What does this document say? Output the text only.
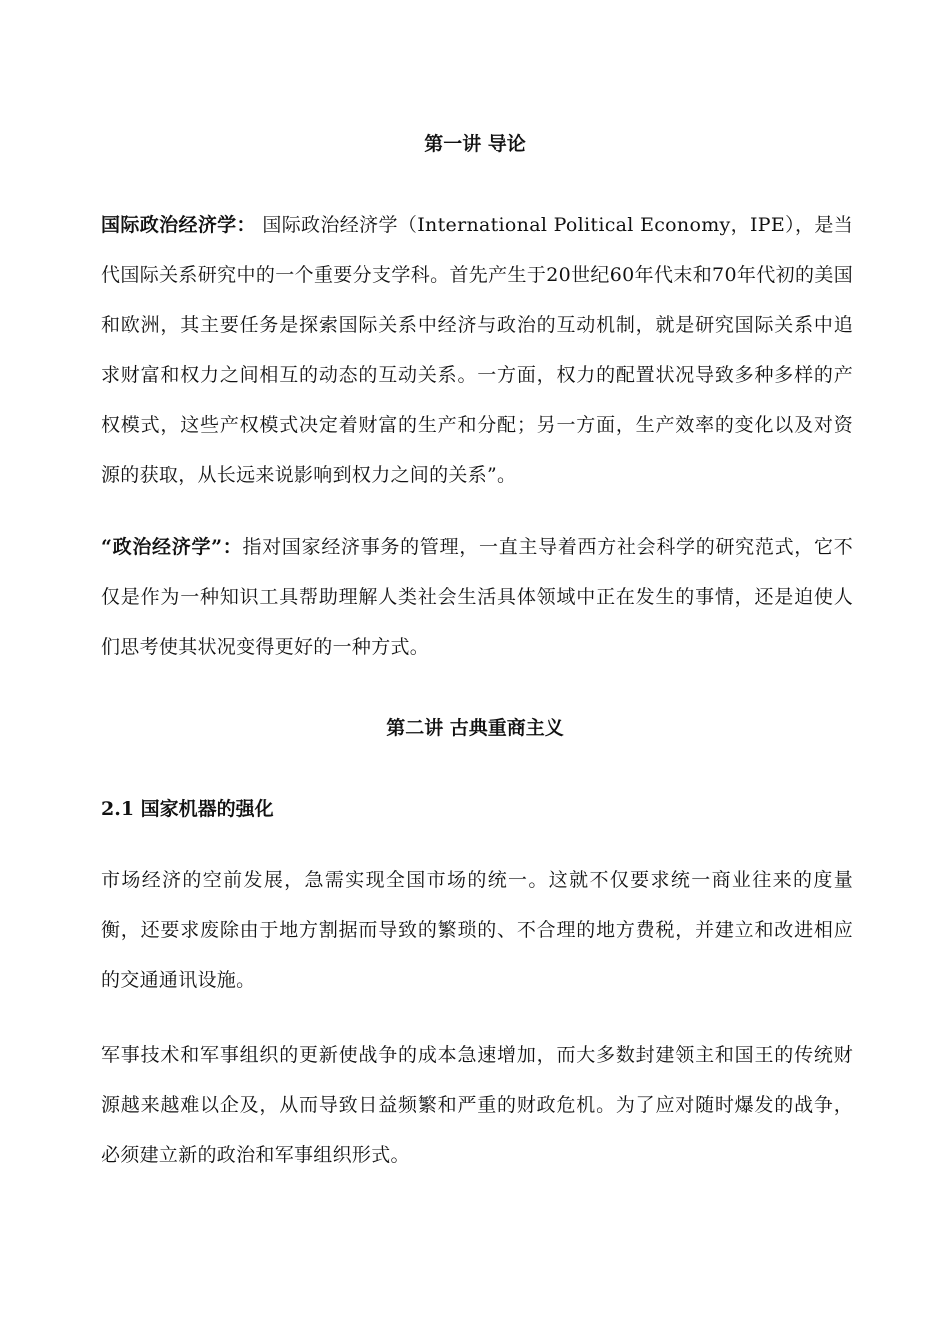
第一讲 导论
国际政治经济学： 国际政治经济学（International Political Economy，IPE），是当代国际关系研究中的一个重要分支学科。首先产生于20世纪60年代末和70年代初的美国和欧洲，其主要任务是探索国际关系中经济与政治的互动机制，就是研究国际关系中追求财富和权力之间相互的动态的互动关系。一方面，权力的配置状况导致多种多样的产权模式，这些产权模式决定着财富的生产和分配；另一方面，生产效率的变化以及对资源的获取，从长远来说影响到权力之间的关系”。
“政治经济学”：指对国家经济事务的管理，一直主导着西方社会科学的研究范式，它不仅是作为一种知识工具帮助理解人类社会生活具体领域中正在发生的事情，还是迫使人们思考使其状况变得更好的一种方式。
第二讲 古典重商主义
2.1 国家机器的强化
市场经济的空前发展，急需实现全国市场的统一。这就不仅要求统一商业往来的度量衡，还要求废除由于地方割据而导致的繁琐的、不合理的地方费税，并建立和改进相应的交通通讯设施。
军事技术和军事组织的更新使战争的成本急速增加，而大多数封建领主和国王的传统财源越来越难以企及，从而导致日益频繁和严重的财政危机。为了应对随时爆发的战争，必须建立新的政治和军事组织形式。
